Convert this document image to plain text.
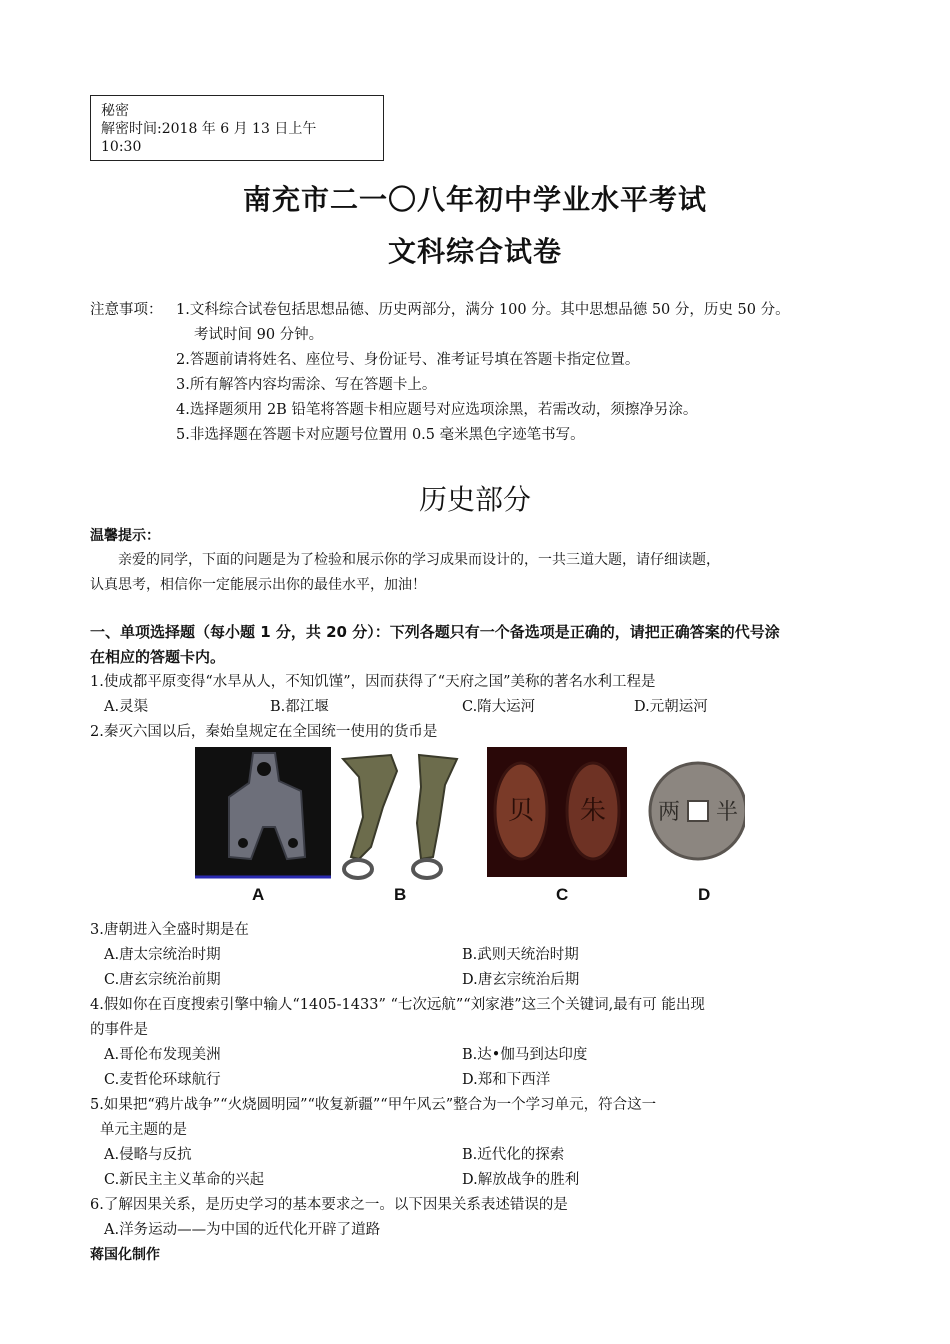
秘密
解密时间:2018 年 6 月 13 日上午
10:30
南充市二一〇八年初中学业水平考试
文科综合试卷
注意事项： 1.文科综合试卷包括思想品德、历史两部分，满分 100 分。其中思想品德 50 分，历史 50 分。
考试时间 90 分钟。
2.答题前请将姓名、座位号、身份证号、准考证号填在答题卡指定位置。
3.所有解答内容均需涂、写在答题卡上。
4.选择题须用 2B 铅笔将答题卡相应题号对应选项涂黑，若需改动，须擦净另涂。
5.非选择题在答题卡对应题号位置用 0.5 毫米黑色字迹笔书写。
历史部分
温馨提示：

亲爱的同学，下面的问题是为了检验和展示你的学习成果而设计的，一共三道大题，请仔细读题，

认真思考，相信你一定能展示出你的最佳水平，加油！

一、单项选择题（每小题 1 分，共 20 分）：下列各题只有一个备选项是正确的，请把正确答案的代号涂
在相应的答题卡内。
1.使成都平原变得“水旱从人，不知饥馑”，因而获得了“天府之国”美称的著名水利工程是
A.灵渠	B.都江堰	C.隋大运河	D.元朝运河
2.秦灭六国以后，秦始皇规定在全国统一使用的货币是
贝 朱 两 半
A	B	C	D
3.唐朝进入全盛时期是在
A.唐太宗统治时期	B.武则天统治时期
C.唐玄宗统治前期	D.唐玄宗统治后期
4.假如你在百度搜索引擎中输人“1405-1433” “七次远航”“刘家港”这三个关键词,最有可 能出现
的事件是
A.哥伦布发现美洲	B.达•伽马到达印度
C.麦哲伦环球航行	D.郑和下西洋
5.如果把“鸦片战争”“火烧圆明园”“收复新疆”“甲午风云”整合为一个学习单元，符合这一
单元主题的是
A.侵略与反抗	B.近代化的探索
C.新民主主义革命的兴起	D.解放战争的胜利
6.了解因果关系，是历史学习的基本要求之一。以下因果关系表述错误的是
A.洋务运动——为中国的近代化开辟了道路
蒋国化制作
